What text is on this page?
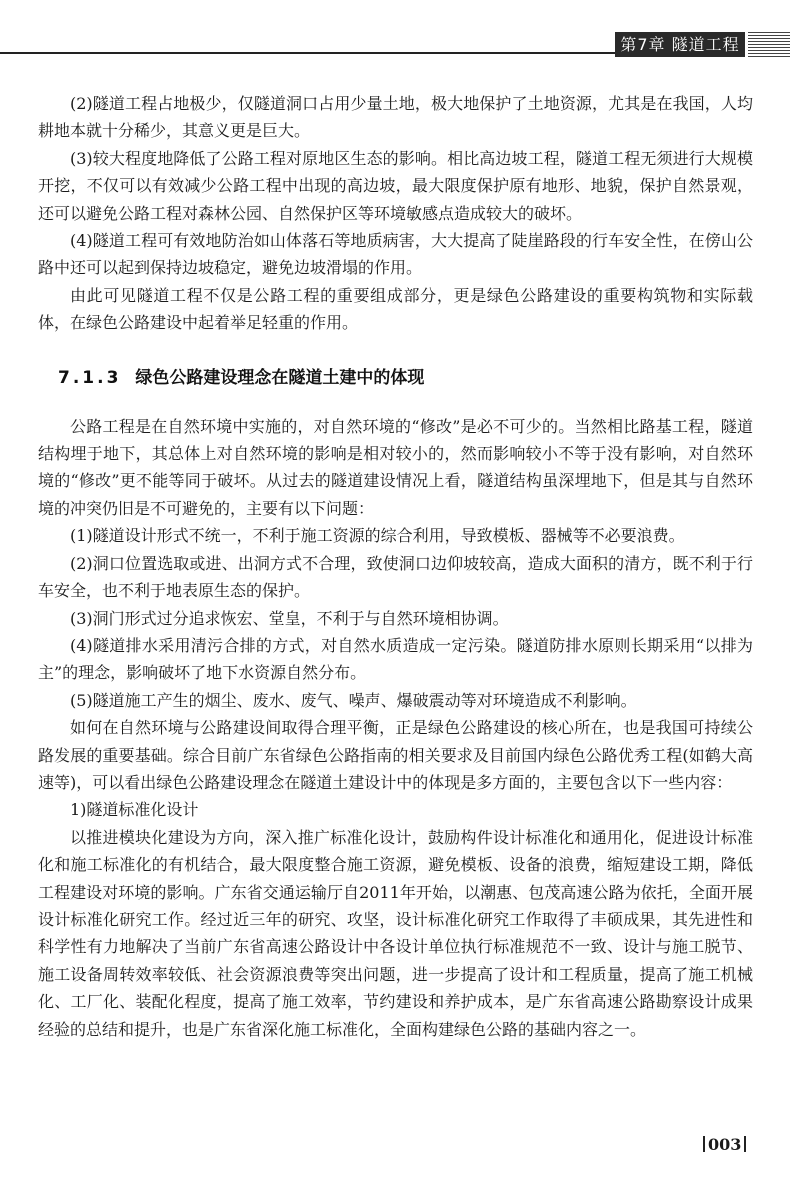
第7章 隧道工程

(2)隧道工程占地极少，仅隧道洞口占用少量土地，极大地保护了土地资源，尤其是在我国，人均耕地本就十分稀少，其意义更是巨大。

(3)较大程度地降低了公路工程对原地区生态的影响。相比高边坡工程，隧道工程无须进行大规模开挖，不仅可以有效减少公路工程中出现的高边坡，最大限度保护原有地形、地貌，保护自然景观，还可以避免公路工程对森林公园、自然保护区等环境敏感点造成较大的破坏。

(4)隧道工程可有效地防治如山体落石等地质病害，大大提高了陡崖路段的行车安全性，在傍山公路中还可以起到保持边坡稳定，避免边坡滑塌的作用。

由此可见隧道工程不仅是公路工程的重要组成部分，更是绿色公路建设的重要构筑物和实际载体，在绿色公路建设中起着举足轻重的作用。

7.1.3 绿色公路建设理念在隧道土建中的体现

公路工程是在自然环境中实施的，对自然环境的“修改”是必不可少的。当然相比路基工程，隧道结构埋于地下，其总体上对自然环境的影响是相对较小的，然而影响较小不等于没有影响，对自然环境的“修改”更不能等同于破坏。从过去的隧道建设情况上看，隧道结构虽深埋地下，但是其与自然环境的冲突仍旧是不可避免的，主要有以下问题：

(1)隧道设计形式不统一，不利于施工资源的综合利用，导致模板、器械等不必要浪费。

(2)洞口位置选取或进、出洞方式不合理，致使洞口边仰坡较高，造成大面积的清方，既不利于行车安全，也不利于地表原生态的保护。

(3)洞门形式过分追求恢宏、堂皇，不利于与自然环境相协调。

(4)隧道排水采用清污合排的方式，对自然水质造成一定污染。隧道防排水原则长期采用“以排为主”的理念，影响破坏了地下水资源自然分布。

(5)隧道施工产生的烟尘、废水、废气、噪声、爆破震动等对环境造成不利影响。

如何在自然环境与公路建设间取得合理平衡，正是绿色公路建设的核心所在，也是我国可持续公路发展的重要基础。综合目前广东省绿色公路指南的相关要求及目前国内绿色公路优秀工程(如鹤大高速等)，可以看出绿色公路建设理念在隧道土建设计中的体现是多方面的，主要包含以下一些内容：

1)隧道标准化设计

以推进模块化建设为方向，深入推广标准化设计，鼓励构件设计标准化和通用化，促进设计标准化和施工标准化的有机结合，最大限度整合施工资源，避免模板、设备的浪费，缩短建设工期，降低工程建设对环境的影响。广东省交通运输厅自2011年开始，以潮惠、包茂高速公路为依托，全面开展设计标准化研究工作。经过近三年的研究、攻坚，设计标准化研究工作取得了丰硕成果，其先进性和科学性有力地解决了当前广东省高速公路设计中各设计单位执行标准规范不一致、设计与施工脱节、施工设备周转效率较低、社会资源浪费等突出问题，进一步提高了设计和工程质量，提高了施工机械化、工厂化、装配化程度，提高了施工效率，节约建设和养护成本，是广东省高速公路勘察设计成果经验的总结和提升，也是广东省深化施工标准化，全面构建绿色公路的基础内容之一。

003
